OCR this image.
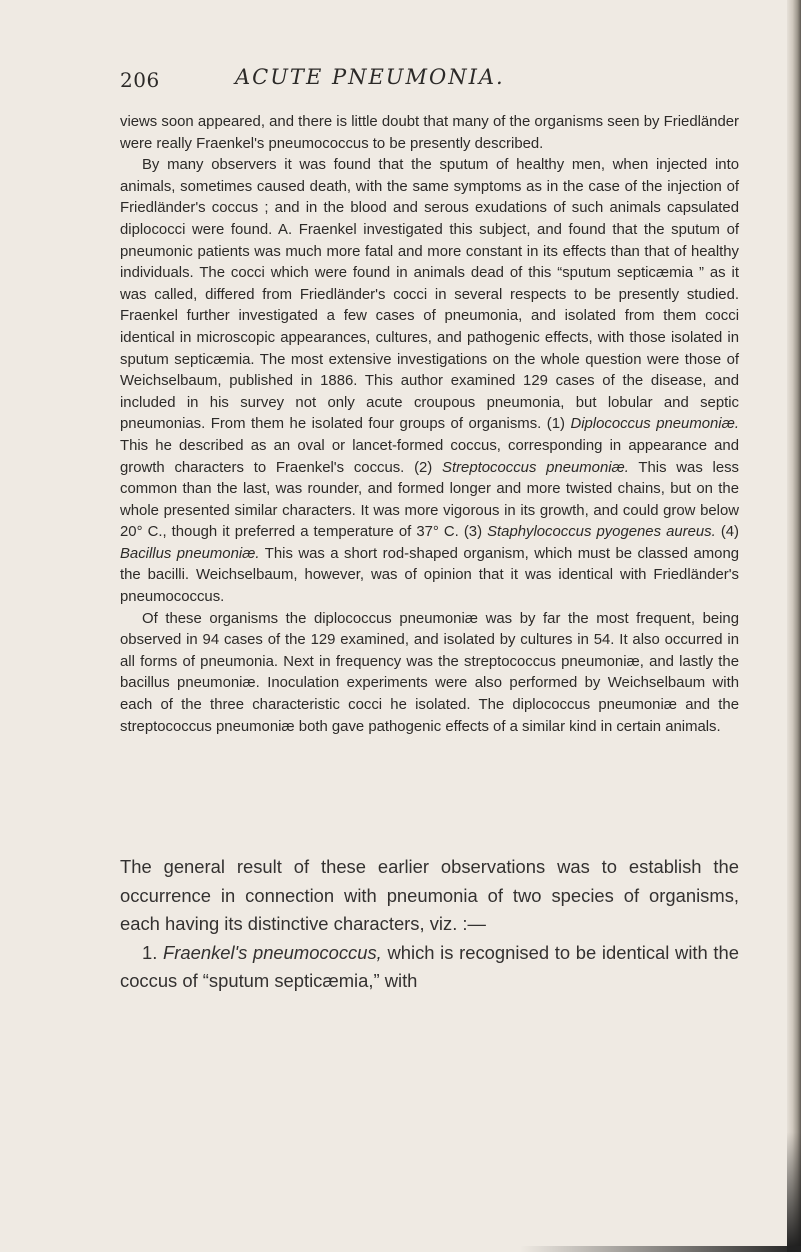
206	ACUTE PNEUMONIA.

views soon appeared, and there is little doubt that many of the organisms seen by Friedländer were really Fraenkel's pneumococcus to be presently described.

By many observers it was found that the sputum of healthy men, when injected into animals, sometimes caused death, with the same symptoms as in the case of the injection of Friedländer's coccus ; and in the blood and serous exudations of such animals capsulated diplococci were found. A. Fraenkel investigated this subject, and found that the sputum of pneumonic patients was much more fatal and more constant in its effects than that of healthy individuals. The cocci which were found in animals dead of this “sputum septicæmia ” as it was called, differed from Friedländer's cocci in several respects to be presently studied. Fraenkel further investigated a few cases of pneumonia, and isolated from them cocci identical in microscopic appearances, cultures, and pathogenic effects, with those isolated in sputum septicæmia. The most extensive investigations on the whole question were those of Weichselbaum, published in 1886. This author examined 129 cases of the disease, and included in his survey not only acute croupous pneumonia, but lobular and septic pneumonias. From them he isolated four groups of organisms. (1) Diplococcus pneumoniæ. This he described as an oval or lancet-formed coccus, corresponding in appearance and growth characters to Fraenkel's coccus. (2) Streptococcus pneumoniæ. This was less common than the last, was rounder, and formed longer and more twisted chains, but on the whole presented similar characters. It was more vigorous in its growth, and could grow below 20° C., though it preferred a temperature of 37° C. (3) Staphylococcus pyogenes aureus. (4) Bacillus pneumoniæ. This was a short rod-shaped organism, which must be classed among the bacilli. Weichselbaum, however, was of opinion that it was identical with Friedländer's pneumococcus.

Of these organisms the diplococcus pneumoniæ was by far the most frequent, being observed in 94 cases of the 129 examined, and isolated by cultures in 54. It also occurred in all forms of pneumonia. Next in frequency was the streptococcus pneumoniæ, and lastly the bacillus pneumoniæ. Inoculation experiments were also performed by Weichselbaum with each of the three characteristic cocci he isolated. The diplococcus pneumoniæ and the streptococcus pneumoniæ both gave pathogenic effects of a similar kind in certain animals.

The general result of these earlier observations was to establish the occurrence in connection with pneumonia of two species of organisms, each having its distinctive characters, viz. :—

1. Fraenkel's pneumococcus, which is recognised to be identical with the coccus of “sputum septicæmia,” with
